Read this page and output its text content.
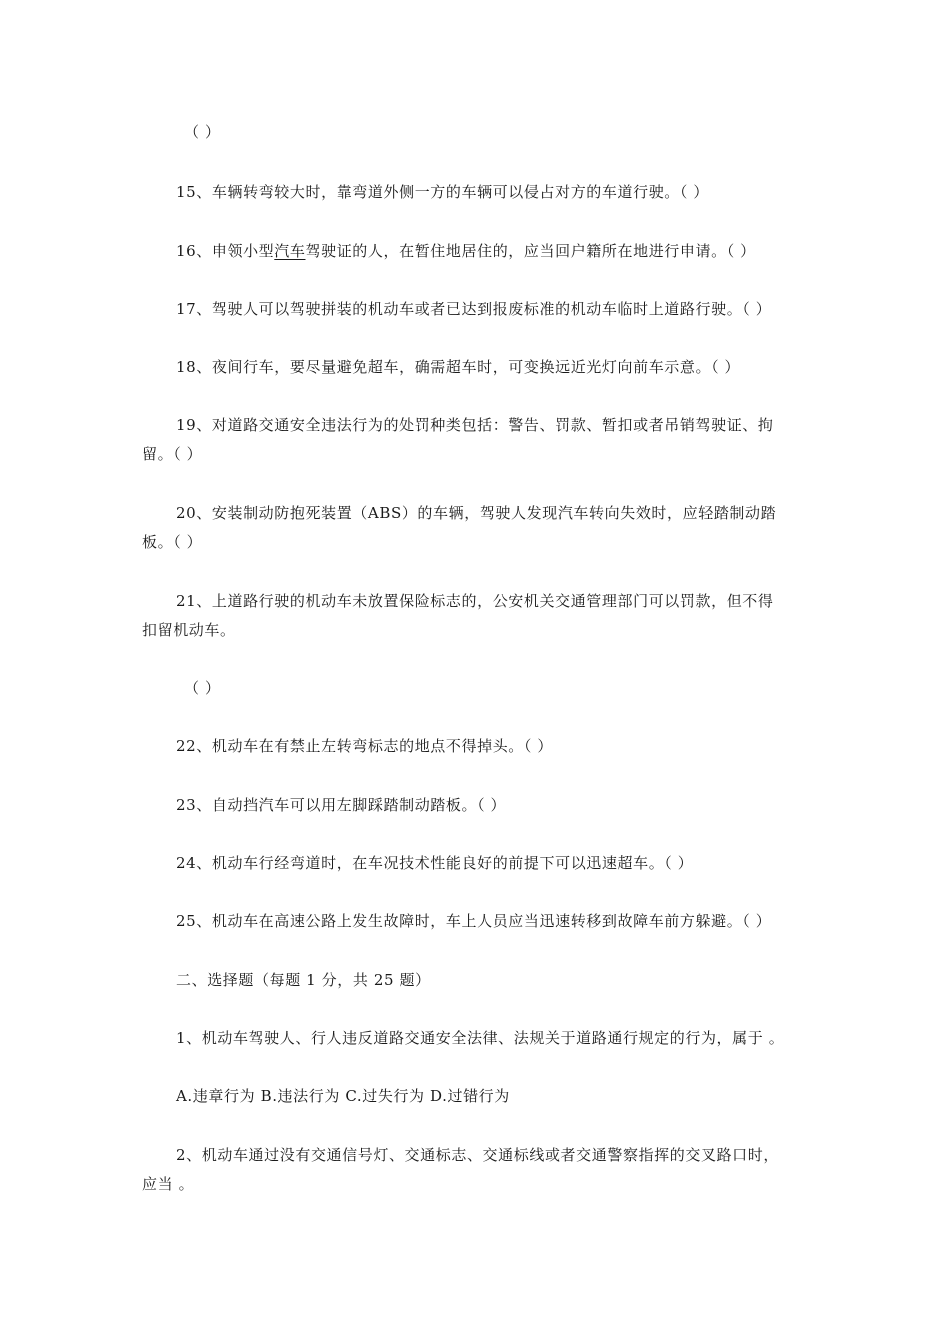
（ ）
15、车辆转弯较大时，靠弯道外侧一方的车辆可以侵占对方的车道行驶。（ ）
16、申领小型汽车驾驶证的人，在暂住地居住的，应当回户籍所在地进行申请。（ ）
17、驾驶人可以驾驶拼装的机动车或者已达到报废标准的机动车临时上道路行驶。（ ）
18、夜间行车，要尽量避免超车，确需超车时，可变换远近光灯向前车示意。（ ）
19、对道路交通安全违法行为的处罚种类包括：警告、罚款、暂扣或者吊销驾驶证、拘
留。（ ）
20、安装制动防抱死装置（ABS）的车辆，驾驶人发现汽车转向失效时，应轻踏制动踏
板。（ ）
21、上道路行驶的机动车未放置保险标志的，公安机关交通管理部门可以罚款，但不得
扣留机动车。
（ ）
22、机动车在有禁止左转弯标志的地点不得掉头。（ ）
23、自动挡汽车可以用左脚踩踏制动踏板。（ ）
24、机动车行经弯道时，在车况技术性能良好的前提下可以迅速超车。（ ）
25、机动车在高速公路上发生故障时，车上人员应当迅速转移到故障车前方躲避。（ ）
二、选择题（每题 1 分，共 25 题）
1、机动车驾驶人、行人违反道路交通安全法律、法规关于道路通行规定的行为，属于 。
A.违章行为 B.违法行为 C.过失行为 D.过错行为
2、机动车通过没有交通信号灯、交通标志、交通标线或者交通警察指挥的交叉路口时，
应当 。
